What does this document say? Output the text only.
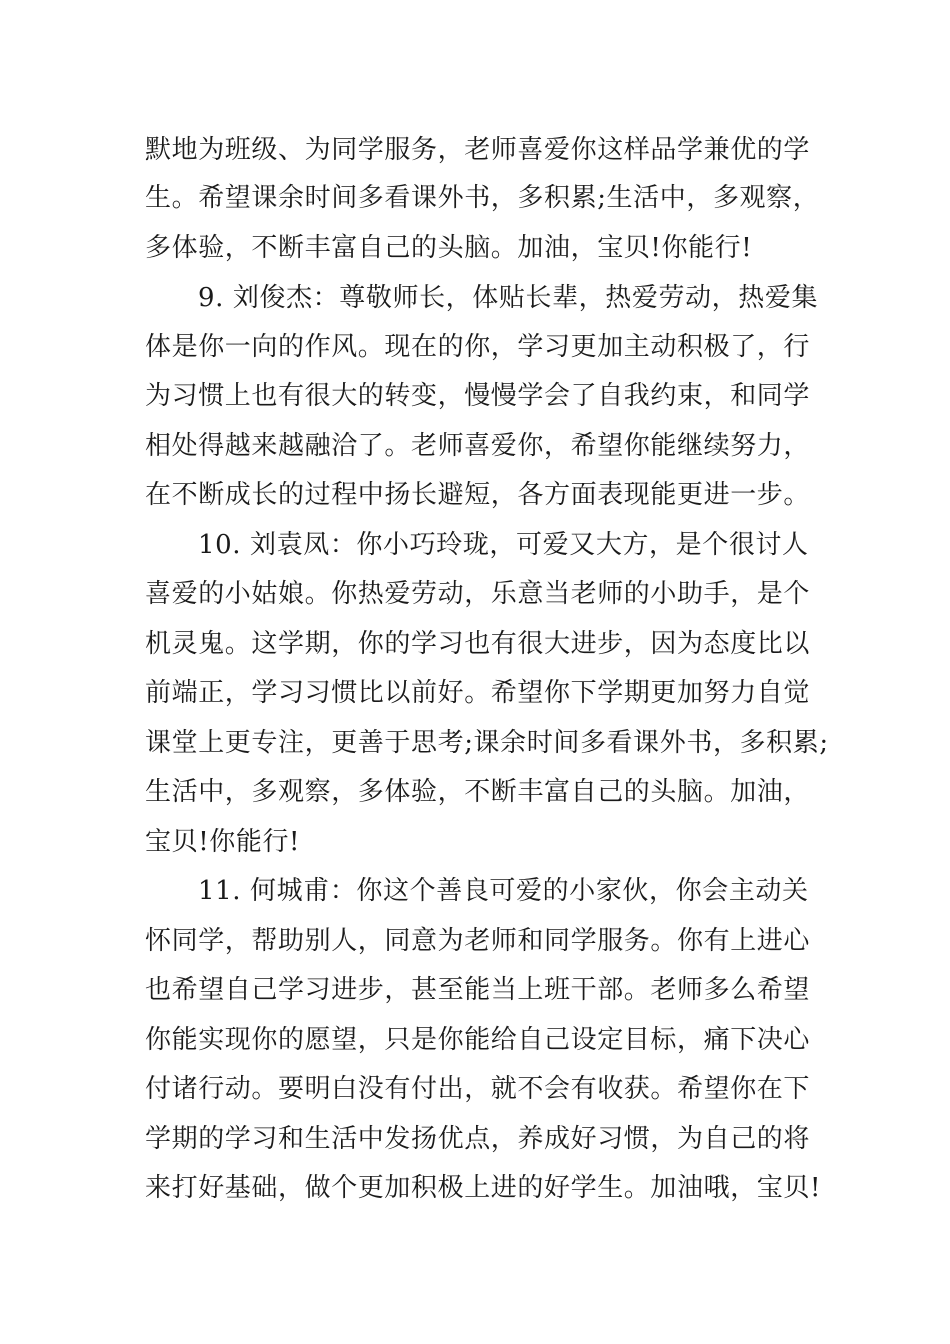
默地为班级、为同学服务，老师喜爱你这样品学兼优的学
生。希望课余时间多看课外书，多积累;生活中，多观察，
多体验，不断丰富自己的头脑。加油，宝贝!你能行!
9. 刘俊杰：尊敬师长，体贴长辈，热爱劳动，热爱集
体是你一向的作风。现在的你，学习更加主动积极了，行
为习惯上也有很大的转变，慢慢学会了自我约束，和同学
相处得越来越融洽了。老师喜爱你，希望你能继续努力，
在不断成长的过程中扬长避短，各方面表现能更进一步。
10. 刘袁凤：你小巧玲珑，可爱又大方，是个很讨人
喜爱的小姑娘。你热爱劳动，乐意当老师的小助手，是个
机灵鬼。这学期，你的学习也有很大进步，因为态度比以
前端正，学习习惯比以前好。希望你下学期更加努力自觉
课堂上更专注，更善于思考;课余时间多看课外书，多积累;
生活中，多观察，多体验，不断丰富自己的头脑。加油，
宝贝!你能行!
11. 何城甫：你这个善良可爱的小家伙，你会主动关
怀同学，帮助别人，同意为老师和同学服务。你有上进心
也希望自己学习进步，甚至能当上班干部。老师多么希望
你能实现你的愿望，只是你能给自己设定目标，痛下决心
付诸行动。要明白没有付出，就不会有收获。希望你在下
学期的学习和生活中发扬优点，养成好习惯，为自己的将
来打好基础，做个更加积极上进的好学生。加油哦，宝贝!
